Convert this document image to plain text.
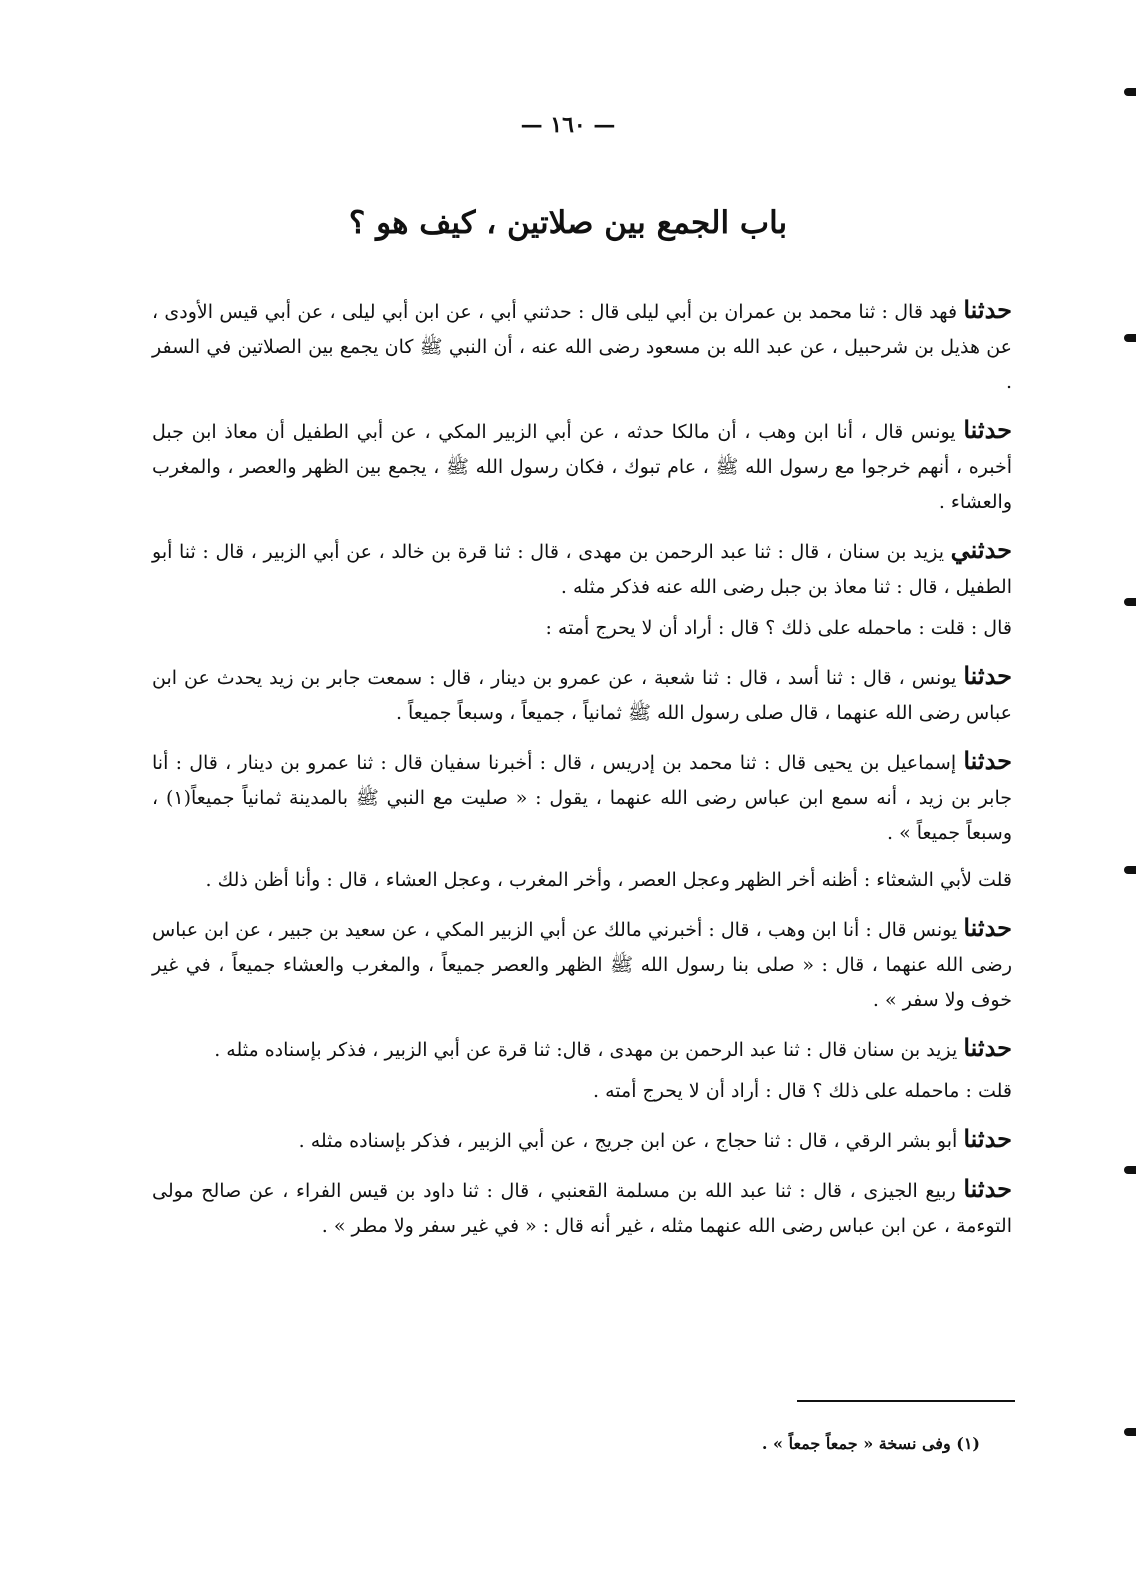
— ١٦٠ —
باب الجمع بين صلاتين ، كيف هو ؟

حدثنا فهد قال : ثنا محمد بن عمران بن أبي ليلى قال : حدثني أبي ، عن ابن أبي ليلى ، عن أبي قيس الأودى ، عن هذيل بن شرحبيل ، عن عبد الله بن مسعود رضى الله عنه ، أن النبي ﷺ كان يجمع بين الصلاتين في السفر .

حدثنا يونس قال ، أنا ابن وهب ، أن مالكا حدثه ، عن أبي الزبير المكي ، عن أبي الطفيل أن معاذ ابن جبل أخبره ، أنهم خرجوا مع رسول الله ﷺ ، عام تبوك ، فكان رسول الله ﷺ ، يجمع بين الظهر والعصر ، والمغرب والعشاء .

حدثني يزيد بن سنان ، قال : ثنا عبد الرحمن بن مهدى ، قال : ثنا قرة بن خالد ، عن أبي الزبير ، قال : ثنا أبو الطفيل ، قال : ثنا معاذ بن جبل رضى الله عنه فذكر مثله .

قال : قلت : ماحمله على ذلك ؟ قال : أراد أن لا يحرج أمته :

حدثنا يونس ، قال : ثنا أسد ، قال : ثنا شعبة ، عن عمرو بن دينار ، قال : سمعت جابر بن زيد يحدث عن ابن عباس رضى الله عنهما ، قال صلى رسول الله ﷺ ثمانياً ، جميعاً ، وسبعاً جميعاً .

حدثنا إسماعيل بن يحيى قال : ثنا محمد بن إدريس ، قال : أخبرنا سفيان قال : ثنا عمرو بن دينار ، قال : أنا جابر بن زيد ، أنه سمع ابن عباس رضى الله عنهما ، يقول : « صليت مع النبي ﷺ بالمدينة ثمانياً جميعاً(١) ، وسبعاً جميعاً » .

قلت لأبي الشعثاء : أظنه أخر الظهر وعجل العصر ، وأخر المغرب ، وعجل العشاء ، قال : وأنا أظن ذلك .

حدثنا يونس قال : أنا ابن وهب ، قال : أخبرني مالك عن أبي الزبير المكي ، عن سعيد بن جبير ، عن ابن عباس رضى الله عنهما ، قال : « صلى بنا رسول الله ﷺ الظهر والعصر جميعاً ، والمغرب والعشاء جميعاً ، في غير خوف ولا سفر » .

حدثنا يزيد بن سنان قال : ثنا عبد الرحمن بن مهدى ، قال: ثنا قرة عن أبي الزبير ، فذكر بإسناده مثله .

قلت : ماحمله على ذلك ؟ قال : أراد أن لا يحرج أمته .

حدثنا أبو بشر الرقي ، قال : ثنا حجاج ، عن ابن جريج ، عن أبي الزبير ، فذكر بإسناده مثله .

حدثنا ربيع الجيزى ، قال : ثنا عبد الله بن مسلمة القعنبي ، قال : ثنا داود بن قيس الفراء ، عن صالح مولى التوءمة ، عن ابن عباس رضى الله عنهما مثله ، غير أنه قال : « في غير سفر ولا مطر » .

(١) وفى نسخة « جمعاً جمعاً » .
